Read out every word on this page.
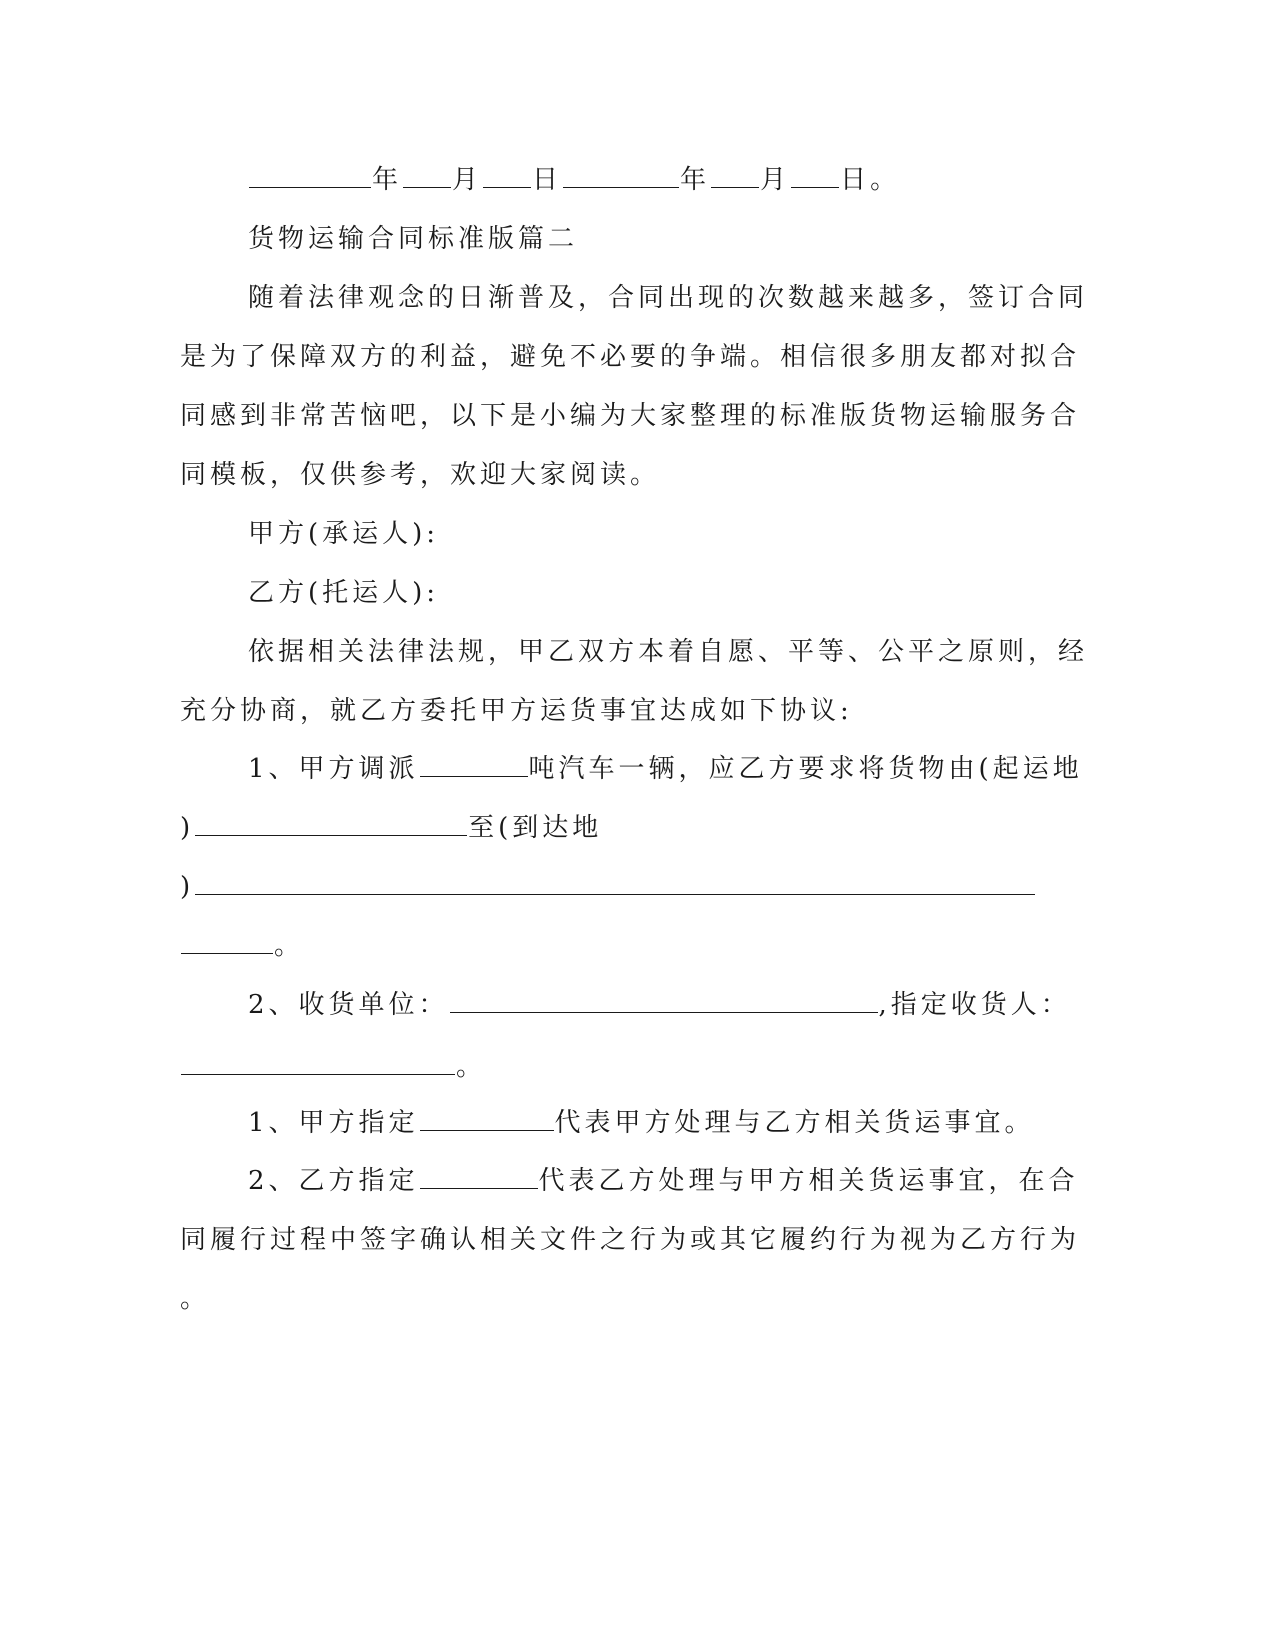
年 月 日	年 月 日。
货物运输合同标准版篇二
随着法律观念的日渐普及，合同出现的次数越来越多，签订合同
是为了保障双方的利益，避免不必要的争端。相信很多朋友都对拟合
同感到非常苦恼吧，以下是小编为大家整理的标准版货物运输服务合
同模板，仅供参考，欢迎大家阅读。
甲方(承运人):
乙方(托运人):
依据相关法律法规，甲乙双方本着自愿、平等、公平之原则，经
充分协商，就乙方委托甲方运货事宜达成如下协议:
1、甲方调派	吨汽车一辆，应乙方要求将货物由(起运地
)	至(到达地
)
。
2、收货单位：	,指定收货人：
。
1、甲方指定	代表甲方处理与乙方相关货运事宜。
2、乙方指定	代表乙方处理与甲方相关货运事宜，在合
同履行过程中签字确认相关文件之行为或其它履约行为视为乙方行为
。
